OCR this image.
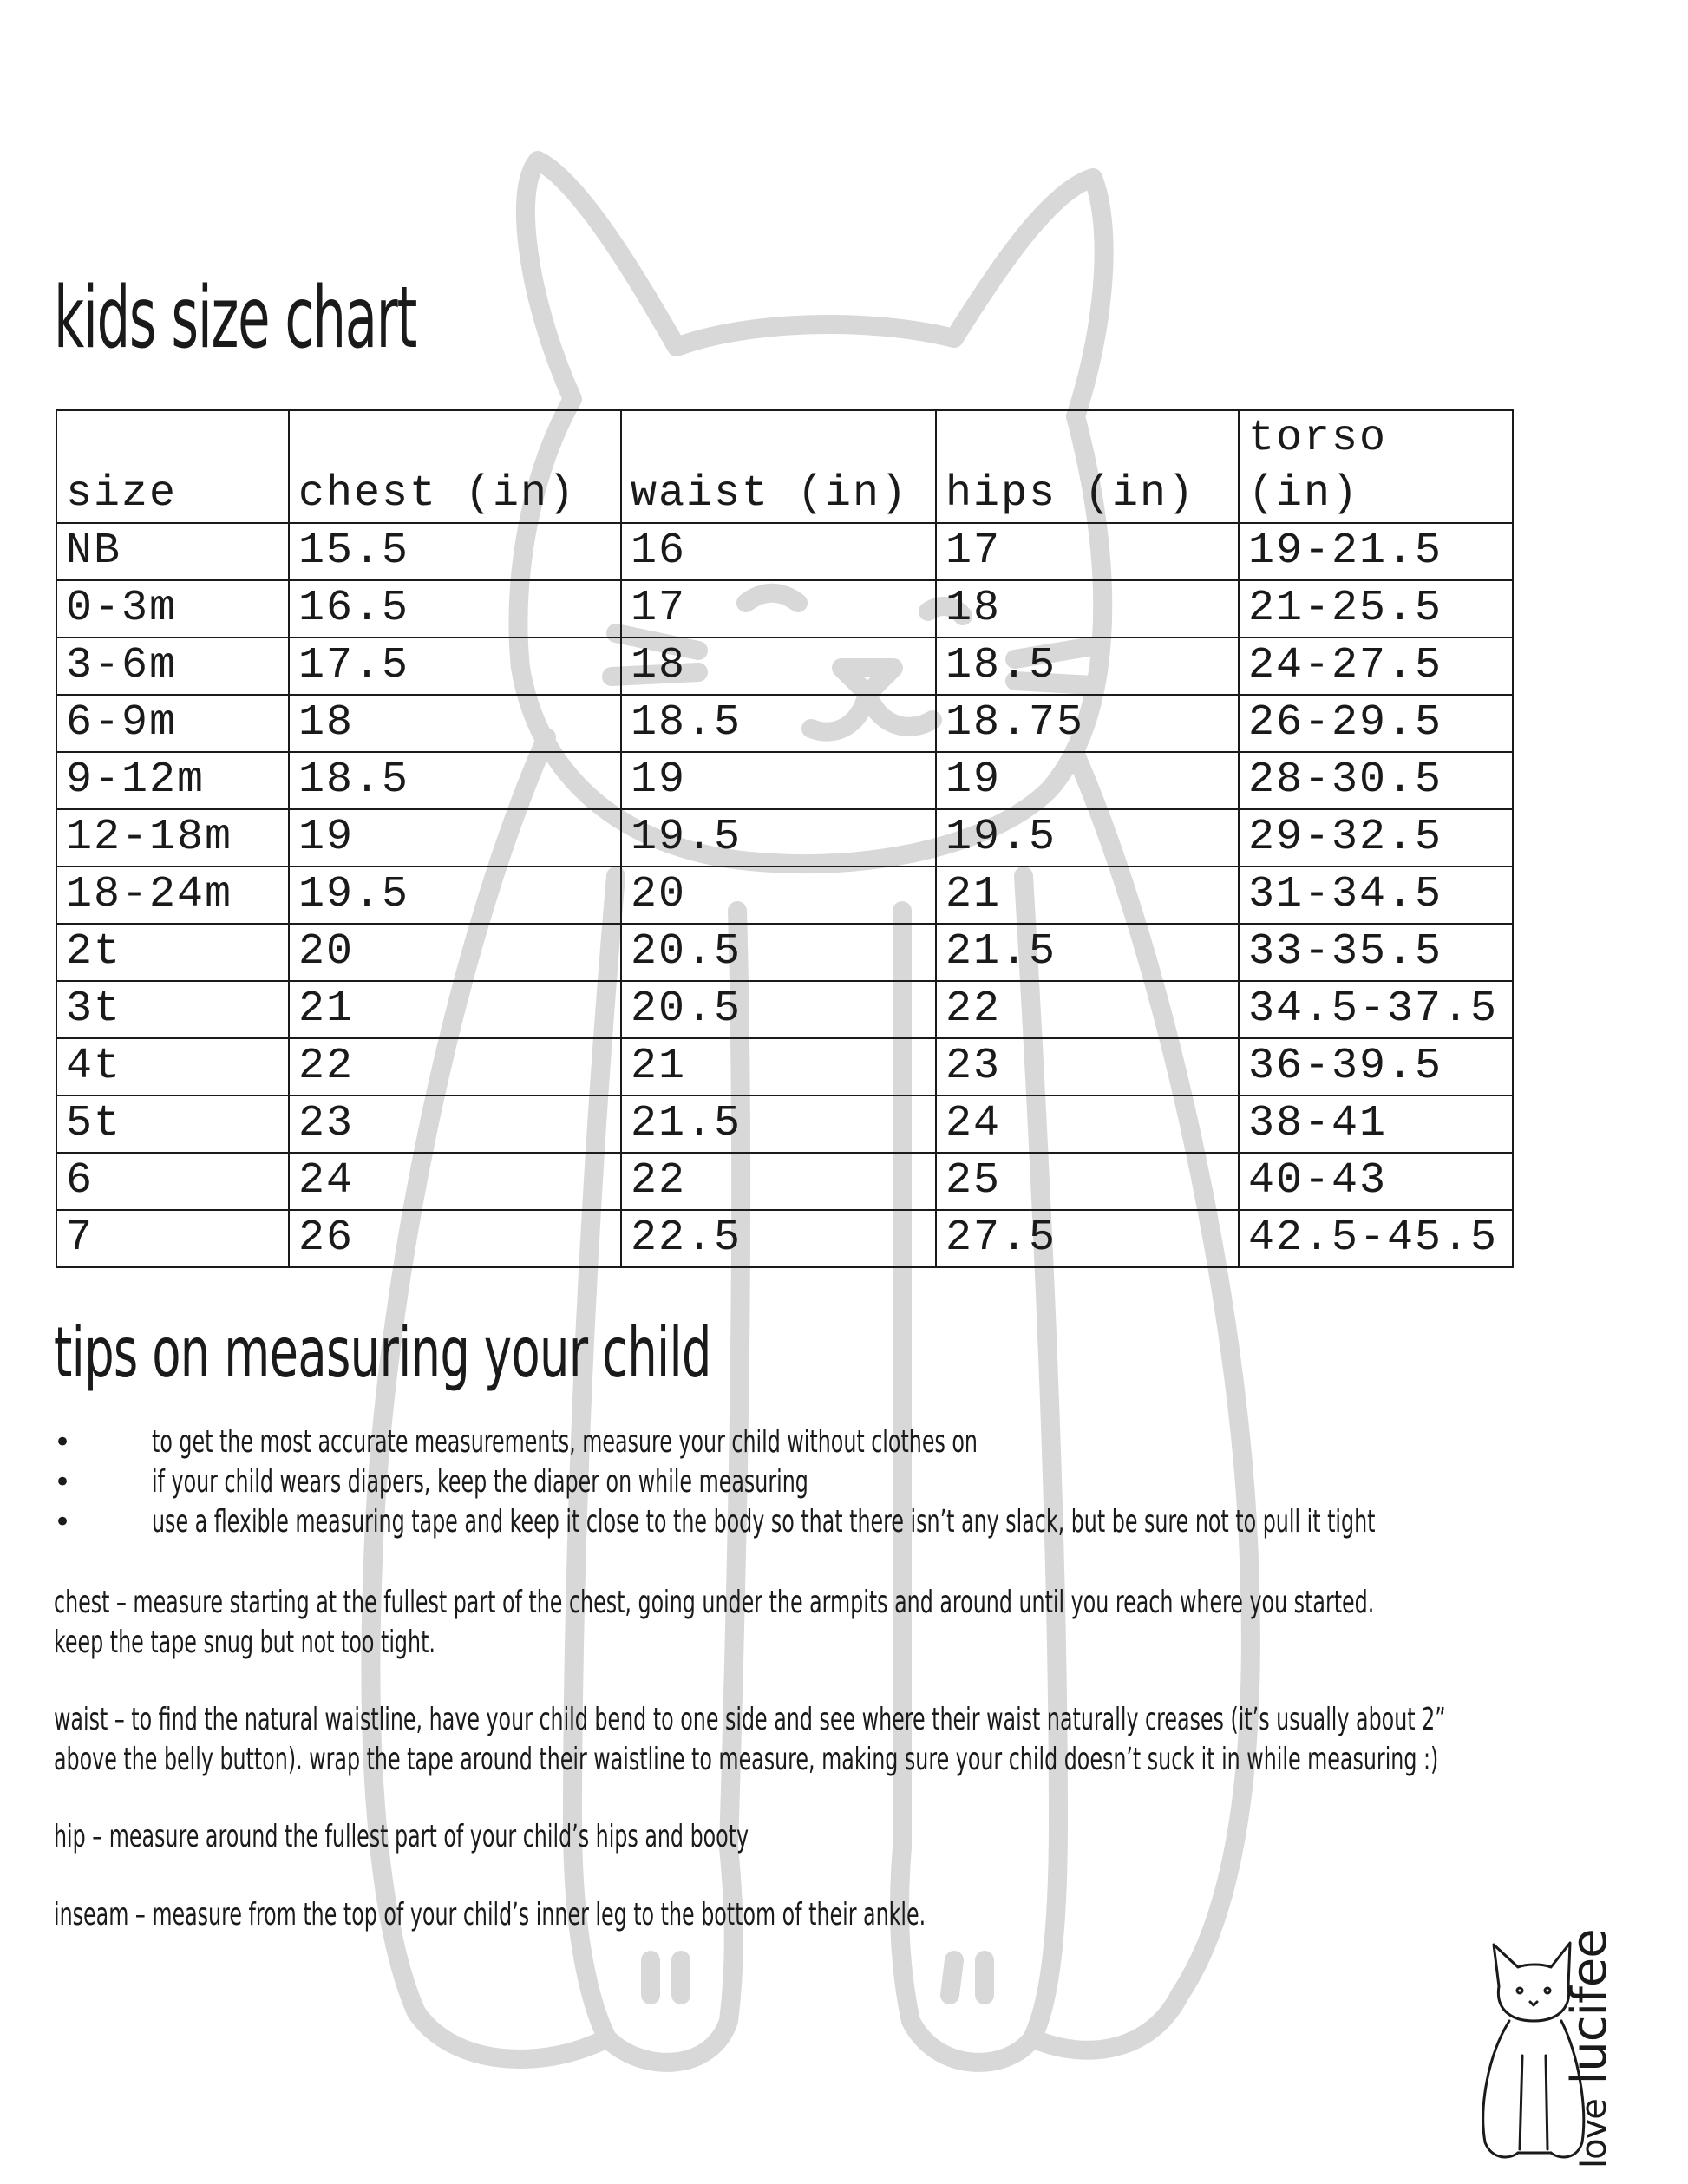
kids size chart
size	chest (in)	waist (in)	hips (in)	torso (in)
NB	15.5	16	17	19-21.5
0-3m	16.5	17	18	21-25.5
3-6m	17.5	18	18.5	24-27.5
6-9m	18	18.5	18.75	26-29.5
9-12m	18.5	19	19	28-30.5
12-18m	19	19.5	19.5	29-32.5
18-24m	19.5	20	21	31-34.5
2t	20	20.5	21.5	33-35.5
3t	21	20.5	22	34.5-37.5
4t	22	21	23	36-39.5
5t	23	21.5	24	38-41
6	24	22	25	40-43
7	26	22.5	27.5	42.5-45.5
tips on measuring your child
•	to get the most accurate measurements, measure your child without clothes on
•	if your child wears diapers, keep the diaper on while measuring
•	use a flexible measuring tape and keep it close to the body so that there isn’t any slack, but be sure not to pull it tight
chest – measure starting at the fullest part of the chest, going under the armpits and around until you reach where you started.
keep the tape snug but not too tight.
waist – to find the natural waistline, have your child bend to one side and see where their waist naturally creases (it’s usually about 2”
above the belly button). wrap the tape around their waistline to measure, making sure your child doesn’t suck it in while measuring :)
hip – measure around the fullest part of your child’s hips and booty
inseam – measure from the top of your child’s inner leg to the bottom of their ankle.
love lucifee
